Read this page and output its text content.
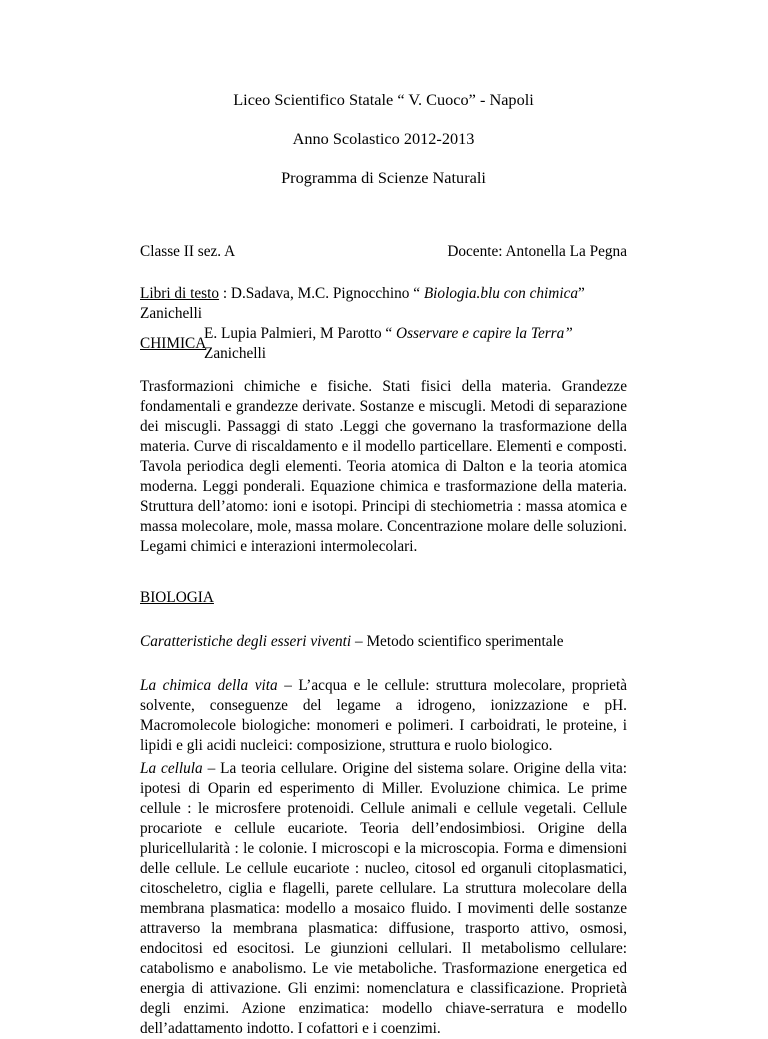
Liceo Scientifico Statale “ V. Cuoco” - Napoli
Anno Scolastico 2012-2013
Programma di Scienze Naturali
Classe II sez. A	Docente: Antonella La Pegna
Libri di testo : D.Sadava, M.C. Pignocchino “ Biologia.blu con chimica” Zanichelli
E. Lupia Palmieri, M Parotto “ Osservare e capire la Terra” Zanichelli
CHIMICA
Trasformazioni chimiche e fisiche. Stati fisici della materia. Grandezze fondamentali e grandezze derivate. Sostanze e miscugli. Metodi di separazione dei miscugli. Passaggi di stato .Leggi che governano la trasformazione della materia. Curve di riscaldamento e il modello particellare. Elementi e composti. Tavola periodica degli elementi. Teoria atomica di Dalton e la teoria atomica moderna. Leggi ponderali. Equazione chimica e trasformazione della materia. Struttura dell’atomo: ioni e isotopi. Principi di stechiometria : massa atomica e massa molecolare, mole, massa molare. Concentrazione molare delle soluzioni. Legami chimici e interazioni intermolecolari.
BIOLOGIA
Caratteristiche degli esseri viventi – Metodo scientifico sperimentale
La chimica della vita – L’acqua e le cellule: struttura molecolare, proprietà solvente, conseguenze del legame a idrogeno, ionizzazione e pH. Macromolecole biologiche: monomeri e polimeri. I carboidrati, le proteine, i lipidi e gli acidi nucleici: composizione, struttura e ruolo biologico.
La cellula – La teoria cellulare. Origine del sistema solare. Origine della vita: ipotesi di Oparin ed esperimento di Miller. Evoluzione chimica. Le prime cellule : le microsfere protenoidi. Cellule animali e cellule vegetali. Cellule procariote e cellule eucariote. Teoria dell’endosimbiosi. Origine della pluricellularità : le colonie. I microscopi e la microscopia. Forma e dimensioni delle cellule. Le cellule eucariote : nucleo, citosol ed organuli citoplasmatici, citoscheletro, ciglia e flagelli, parete cellulare. La struttura molecolare della membrana plasmatica: modello a mosaico fluido. I movimenti delle sostanze attraverso la membrana plasmatica: diffusione, trasporto attivo, osmosi, endocitosi ed esocitosi. Le giunzioni cellulari. Il metabolismo cellulare: catabolismo e anabolismo. Le vie metaboliche. Trasformazione energetica ed energia di attivazione. Gli enzimi: nomenclatura e classificazione. Proprietà degli enzimi. Azione enzimatica: modello chiave-serratura e modello dell’adattamento indotto. I cofattori e i coenzimi.
